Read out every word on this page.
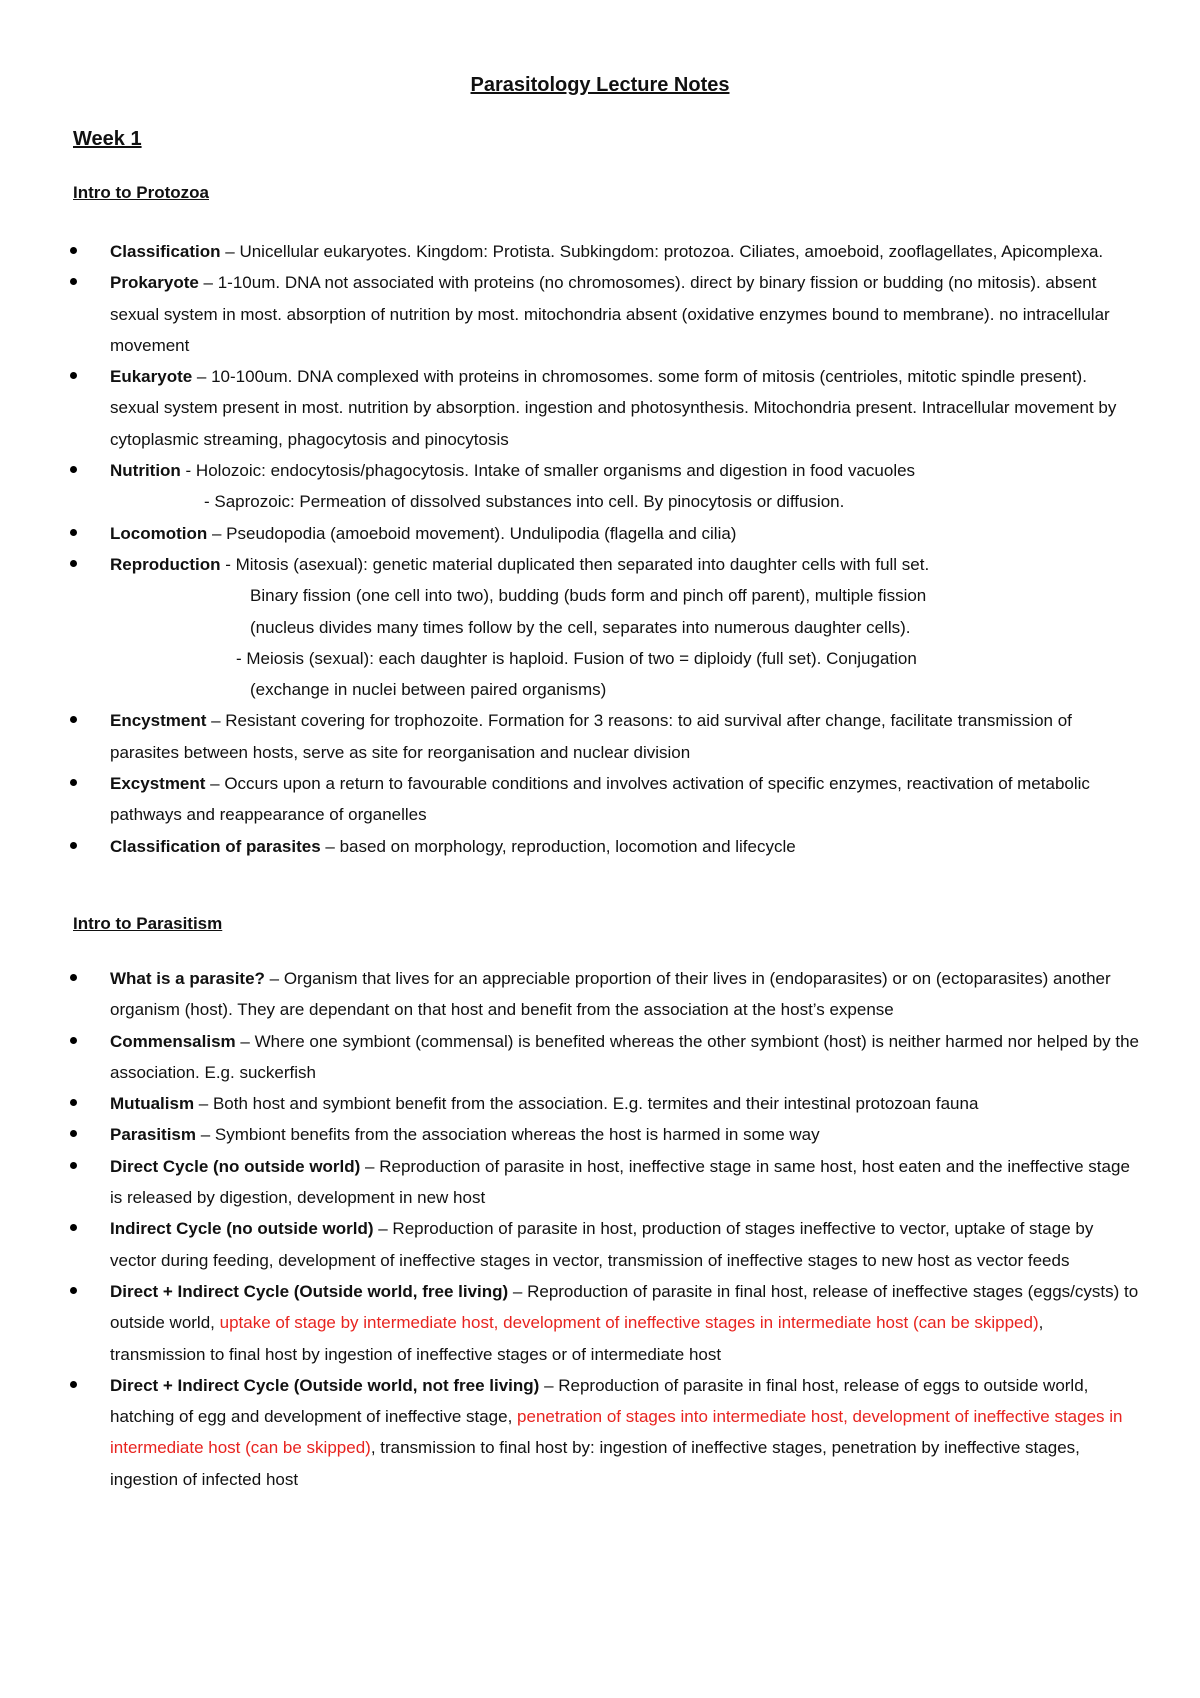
Parasitology Lecture Notes
Week 1
Intro to Protozoa
Classification – Unicellular eukaryotes. Kingdom: Protista. Subkingdom: protozoa. Ciliates, amoeboid, zooflagellates, Apicomplexa.
Prokaryote – 1-10um. DNA not associated with proteins (no chromosomes). direct by binary fission or budding (no mitosis). absent sexual system in most. absorption of nutrition by most. mitochondria absent (oxidative enzymes bound to membrane). no intracellular movement
Eukaryote – 10-100um. DNA complexed with proteins in chromosomes. some form of mitosis (centrioles, mitotic spindle present). sexual system present in most. nutrition by absorption. ingestion and photosynthesis. Mitochondria present. Intracellular movement by cytoplasmic streaming, phagocytosis and pinocytosis
Nutrition - Holozoic: endocytosis/phagocytosis. Intake of smaller organisms and digestion in food vacuoles
- Saprozoic: Permeation of dissolved substances into cell. By pinocytosis or diffusion.
Locomotion – Pseudopodia (amoeboid movement). Undulipodia (flagella and cilia)
Reproduction - Mitosis (asexual): genetic material duplicated then separated into daughter cells with full set.
Binary fission (one cell into two), budding (buds form and pinch off parent), multiple fission
(nucleus divides many times follow by the cell, separates into numerous daughter cells).
- Meiosis (sexual): each daughter is haploid. Fusion of two = diploidy (full set). Conjugation
(exchange in nuclei between paired organisms)
Encystment – Resistant covering for trophozoite. Formation for 3 reasons: to aid survival after change, facilitate transmission of parasites between hosts, serve as site for reorganisation and nuclear division
Excystment – Occurs upon a return to favourable conditions and involves activation of specific enzymes, reactivation of metabolic pathways and reappearance of organelles
Classification of parasites – based on morphology, reproduction, locomotion and lifecycle
Intro to Parasitism
What is a parasite? – Organism that lives for an appreciable proportion of their lives in (endoparasites) or on (ectoparasites) another organism (host). They are dependant on that host and benefit from the association at the host’s expense
Commensalism – Where one symbiont (commensal) is benefited whereas the other symbiont (host) is neither harmed nor helped by the association. E.g. suckerfish
Mutualism – Both host and symbiont benefit from the association. E.g. termites and their intestinal protozoan fauna
Parasitism – Symbiont benefits from the association whereas the host is harmed in some way
Direct Cycle (no outside world) – Reproduction of parasite in host, ineffective stage in same host, host eaten and the ineffective stage is released by digestion, development in new host
Indirect Cycle (no outside world) – Reproduction of parasite in host, production of stages ineffective to vector, uptake of stage by vector during feeding, development of ineffective stages in vector, transmission of ineffective stages to new host as vector feeds
Direct + Indirect Cycle (Outside world, free living) – Reproduction of parasite in final host, release of ineffective stages (eggs/cysts) to outside world, uptake of stage by intermediate host, development of ineffective stages in intermediate host (can be skipped), transmission to final host by ingestion of ineffective stages or of intermediate host
Direct + Indirect Cycle (Outside world, not free living) – Reproduction of parasite in final host, release of eggs to outside world, hatching of egg and development of ineffective stage, penetration of stages into intermediate host, development of ineffective stages in intermediate host (can be skipped), transmission to final host by: ingestion of ineffective stages, penetration by ineffective stages, ingestion of infected host
